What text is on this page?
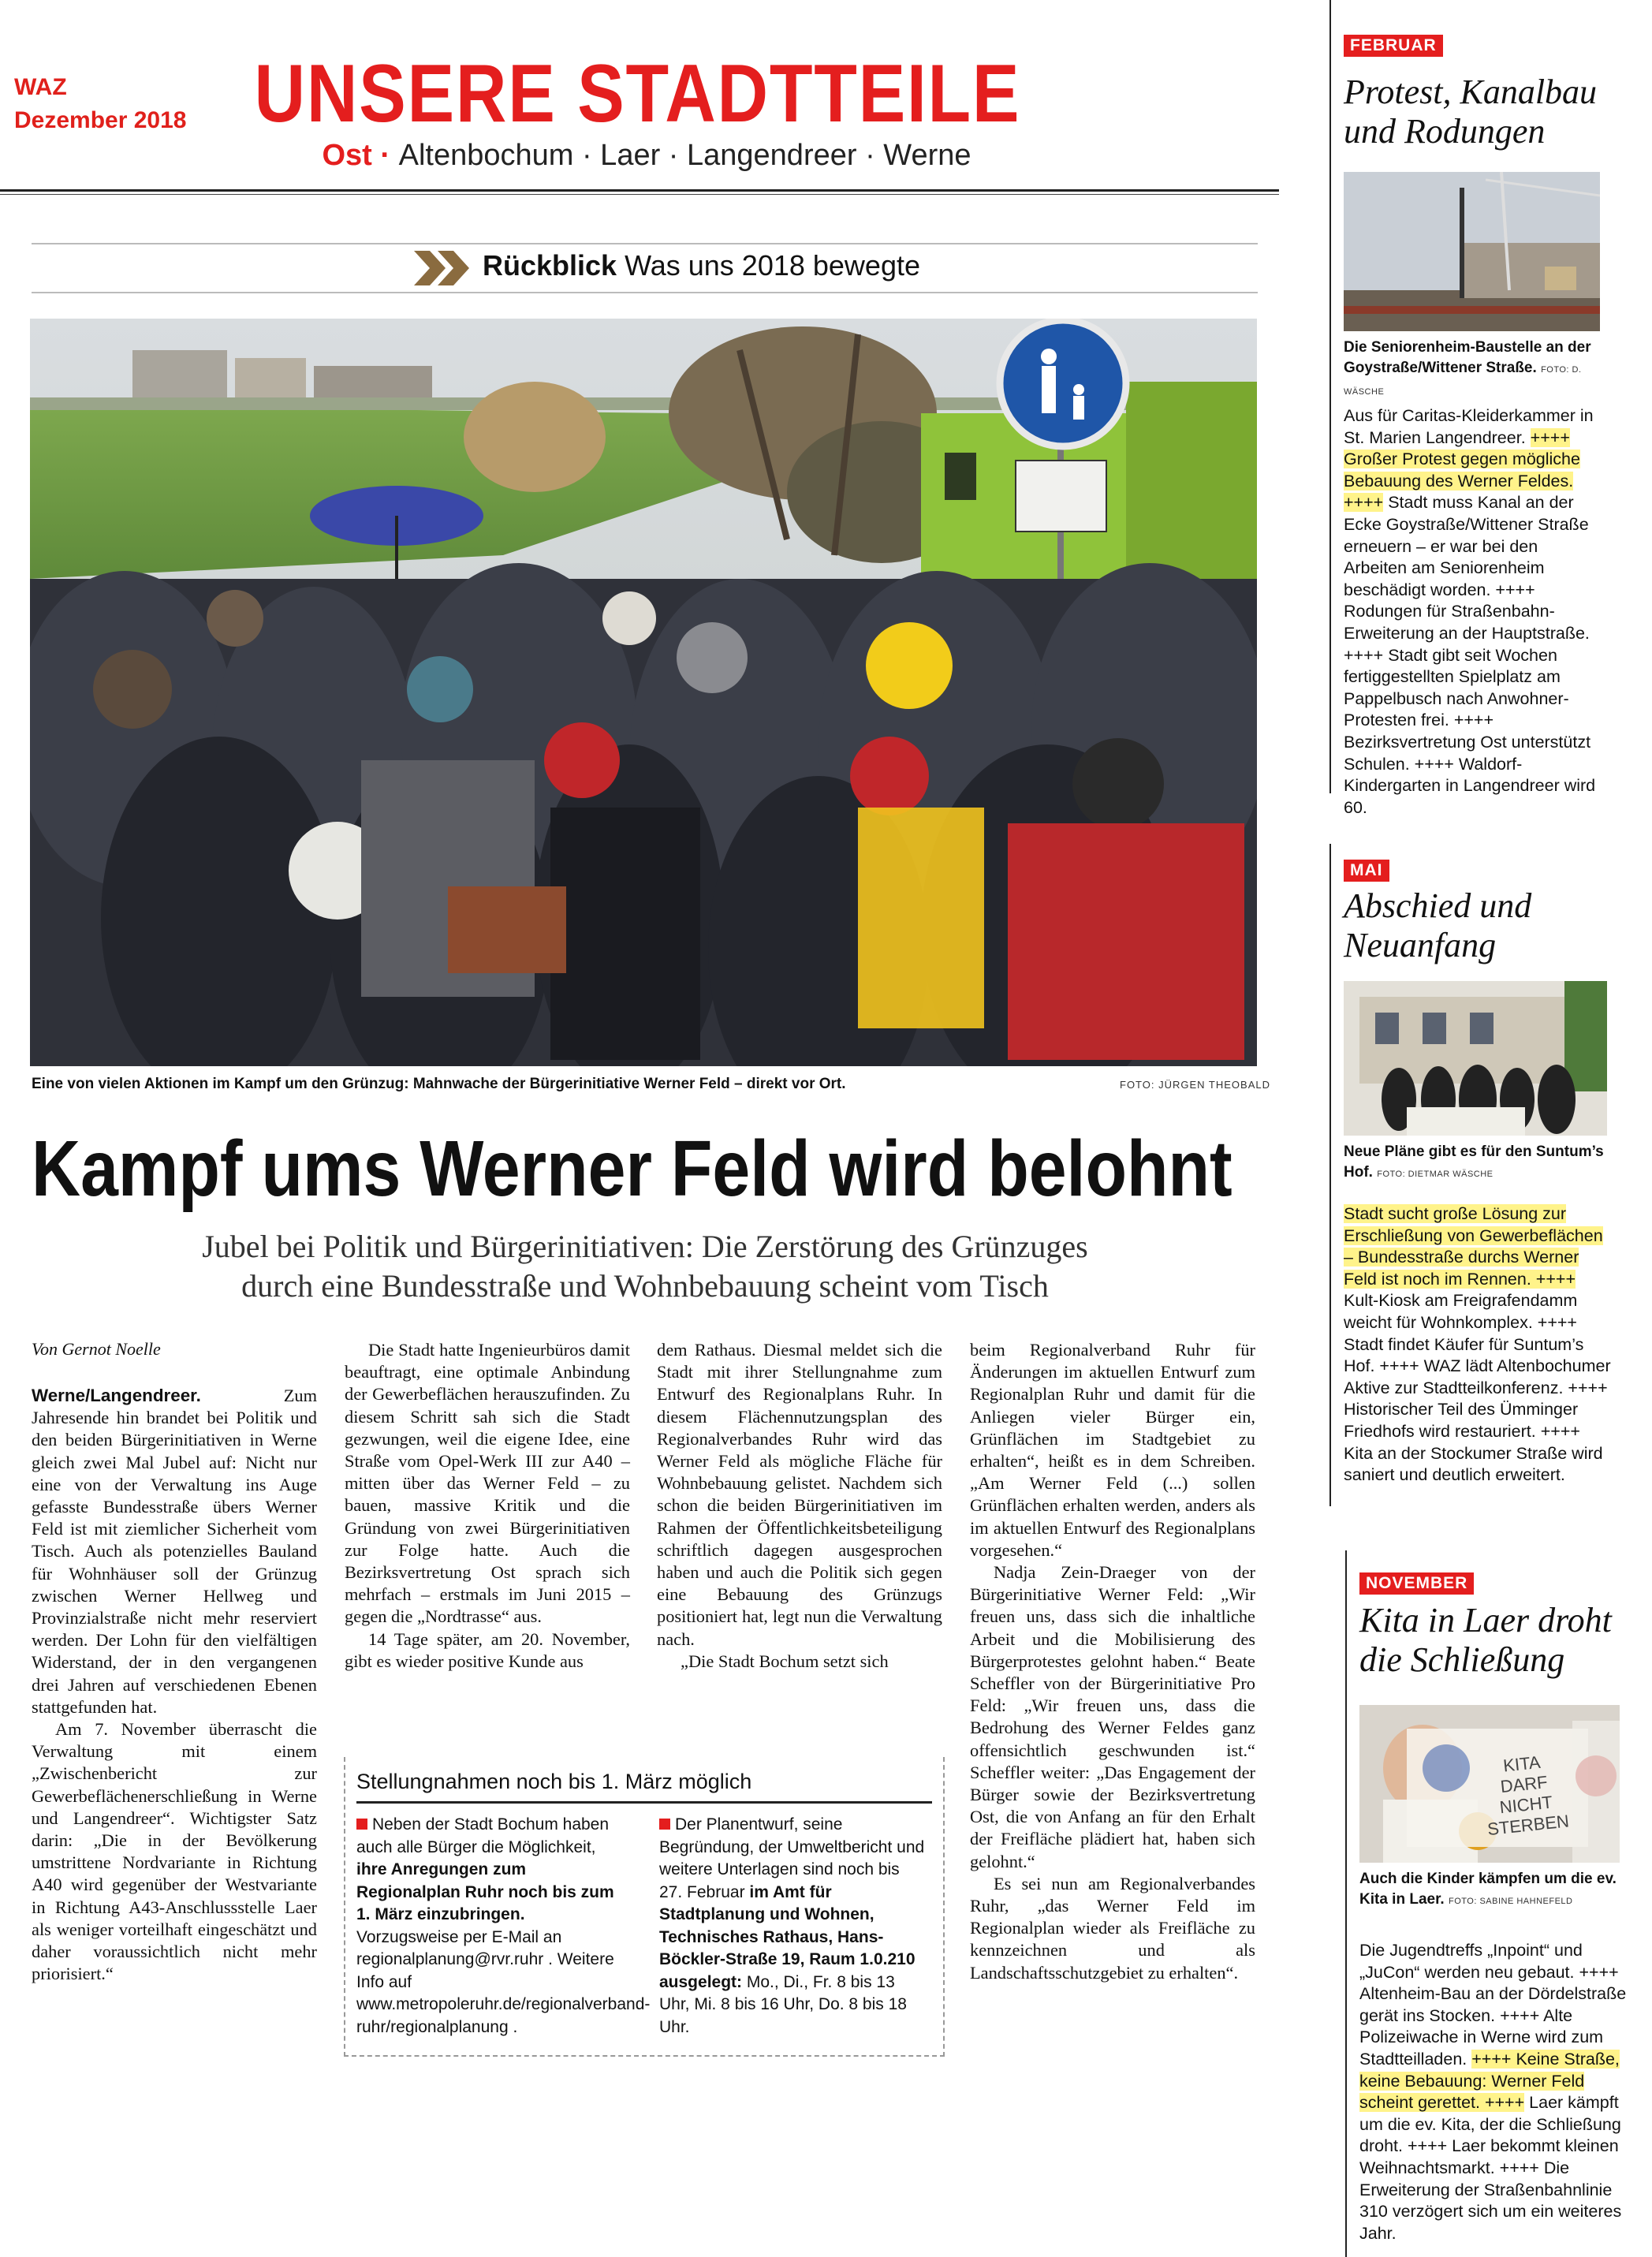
WAZ
Dezember 2018 UNSERE STADTTEILE
Ost · Altenbochum · Laer · Langendreer · Werne
Rückblick Was uns 2018 bewegte
Eine von vielen Aktionen im Kampf um den Grünzug: Mahnwache der Bürgerinitiative Werner Feld – direkt vor Ort.	FOTO: JÜRGEN THEOBALD
Kampf ums Werner Feld wird belohnt
Jubel bei Politik und Bürgerinitiativen: Die Zerstörung des Grünzuges
durch eine Bundesstraße und Wohnbebauung scheint vom Tisch
Von Gernot Noelle

Werne/Langendreer. Zum Jahresende hin brandet bei Politik und den beiden Bürgerinitiativen in Werne gleich zwei Mal Jubel auf: Nicht nur eine von der Verwaltung ins Auge gefasste Bundesstraße übers Werner Feld ist mit ziemlicher Sicherheit vom Tisch. Auch als potenzielles Bauland für Wohnhäuser soll der Grünzug zwischen Werner Hellweg und Provinzialstraße nicht mehr reserviert werden. Der Lohn für den vielfältigen Widerstand, der in den vergangenen drei Jahren auf verschiedenen Ebenen stattgefunden hat.

Am 7. November überrascht die Verwaltung mit einem „Zwischenbericht zur Gewerbeflächenerschließung in Werne und Langendreer“. Wichtigster Satz darin: „Die in der Bevölkerung umstrittene Nordvariante in Richtung A40 wird gegenüber der Westvariante in Richtung A43-Anschlussstelle Laer als weniger vorteilhaft eingeschätzt und daher voraussichtlich nicht mehr priorisiert.“

Die Stadt hatte Ingenieurbüros damit beauftragt, eine optimale Anbindung der Gewerbeflächen herauszufinden. Zu diesem Schritt sah sich die Stadt gezwungen, weil die eigene Idee, eine Straße vom Opel-Werk III zur A40 – mitten über das Werner Feld – zu bauen, massive Kritik und die Gründung von zwei Bürgerinitiativen zur Folge hatte. Auch die Bezirksvertretung Ost sprach sich mehrfach – erstmals im Juni 2015 – gegen die „Nordtrasse“ aus.

14 Tage später, am 20. November, gibt es wieder positive Kunde aus

dem Rathaus. Diesmal meldet sich die Stadt mit ihrer Stellungnahme zum Entwurf des Regionalplans Ruhr. In diesem Flächennutzungsplan des Regionalverbandes Ruhr wird das Werner Feld als mögliche Fläche für Wohnbebauung gelistet. Nachdem sich schon die beiden Bürgerinitiativen im Rahmen der Öffentlichkeitsbeteiligung schriftlich dagegen ausgesprochen haben und auch die Politik sich gegen eine Bebauung des Grünzugs positioniert hat, legt nun die Verwaltung nach.

„Die Stadt Bochum setzt sich

beim Regionalverband Ruhr für Änderungen im aktuellen Entwurf zum Regionalplan Ruhr und damit für die Anliegen vieler Bürger ein, Grünflächen im Stadtgebiet zu erhalten“, heißt es in dem Schreiben. „Am Werner Feld (...) sollen Grünflächen erhalten werden, anders als im aktuellen Entwurf des Regionalplans vorgesehen.“

Nadja Zein-Draeger von der Bürgerinitiative Werner Feld: „Wir freuen uns, dass sich die inhaltliche Arbeit und die Mobilisierung des Bürgerprotestes gelohnt haben.“ Beate Scheffler von der Bürgerinitiative Pro Feld: „Wir freuen uns, dass die Bedrohung des Werner Feldes ganz offensichtlich geschwunden ist.“ Scheffler weiter: „Das Engagement der Bürger sowie der Bezirksvertretung Ost, die von Anfang an für den Erhalt der Freifläche plädiert hat, haben sich gelohnt.“

Es sei nun am Regionalverbandes Ruhr, „das Werner Feld im Regionalplan wieder als Freifläche zu kennzeichnen und als Landschaftsschutzgebiet zu erhalten“.

Stellungnahmen noch bis 1. März möglich
Neben der Stadt Bochum haben auch alle Bürger die Möglichkeit, ihre Anregungen zum Regionalplan Ruhr noch bis zum 1. März einzubringen. Vorzugsweise per E-Mail an regionalplanung@rvr.ruhr . Weitere Info auf www.metropoleruhr.de/regionalverband-ruhr/regionalplanung .
Der Planentwurf, seine Begründung, der Umweltbericht und weitere Unterlagen sind noch bis 27. Februar im Amt für Stadtplanung und Wohnen, Technisches Rathaus, Hans-Böckler-Straße 19, Raum 1.0.210 ausgelegt: Mo., Di., Fr. 8 bis 13 Uhr, Mi. 8 bis 16 Uhr, Do. 8 bis 18 Uhr.
FEBRUAR
Protest, Kanalbau
und Rodungen
Die Seniorenheim-Baustelle an der Goystraße/Wittener Straße. FOTO: D. WÄSCHE
Aus für Caritas-Kleiderkammer in St. Marien Langendreer. ++++ Großer Protest gegen mögliche Bebauung des Werner Feldes. ++++ Stadt muss Kanal an der Ecke Goystraße/Wittener Straße erneuern – er war bei den Arbeiten am Seniorenheim beschädigt worden. ++++ Rodungen für Straßenbahn-Erweiterung an der Hauptstraße. ++++ Stadt gibt seit Wochen fertiggestellten Spielplatz am Pappelbusch nach Anwohner-Protesten frei. ++++ Bezirksvertretung Ost unterstützt Schulen. ++++ Waldorf-Kindergarten in Langendreer wird 60.
MAI
Abschied und
Neuanfang
Neue Pläne gibt es für den Suntum’s Hof. FOTO: DIETMAR WÄSCHE
Stadt sucht große Lösung zur Erschließung von Gewerbeflächen – Bundesstraße durchs Werner Feld ist noch im Rennen. ++++ Kult-Kiosk am Freigrafendamm weicht für Wohnkomplex. ++++ Stadt findet Käufer für Suntum’s Hof. ++++ WAZ lädt Altenbochumer Aktive zur Stadtteilkonferenz. ++++ Historischer Teil des Ümminger Friedhofs wird restauriert. ++++ Kita an der Stockumer Straße wird saniert und deutlich erweitert.
NOVEMBER
Kita in Laer droht
die Schließung
KITA
DARF
NICHT
STERBEN
Auch die Kinder kämpfen um die ev. Kita in Laer. FOTO: SABINE HAHNEFELD
Die Jugendtreffs „Inpoint“ und „JuCon“ werden neu gebaut. ++++ Altenheim-Bau an der Dördelstraße gerät ins Stocken. ++++ Alte Polizeiwache in Werne wird zum Stadtteilladen. ++++ Keine Straße, keine Bebauung: Werner Feld scheint gerettet. ++++ Laer kämpft um die ev. Kita, der die Schließung droht. ++++ Laer bekommt kleinen Weihnachtsmarkt. ++++ Die Erweiterung der Straßenbahnlinie 310 verzögert sich um ein weiteres Jahr.
